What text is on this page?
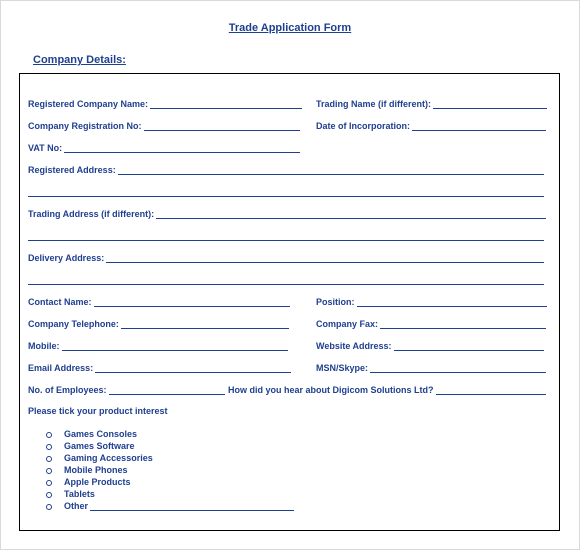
Trade Application Form
Company Details:
Registered Company Name:	Trading Name (if different):
Company Registration No:	Date of Incorporation:
VAT No:
Registered Address:
Trading Address (if different):
Delivery Address:
Contact Name:	Position:
Company Telephone:	Company Fax:
Mobile:	Website Address:
Email Address:	MSN/Skype:
No. of Employees:	How did you hear about Digicom Solutions Ltd?
Please tick your product interest
Games Consoles
Games Software
Gaming Accessories
Mobile Phones
Apple Products
Tablets
Other
